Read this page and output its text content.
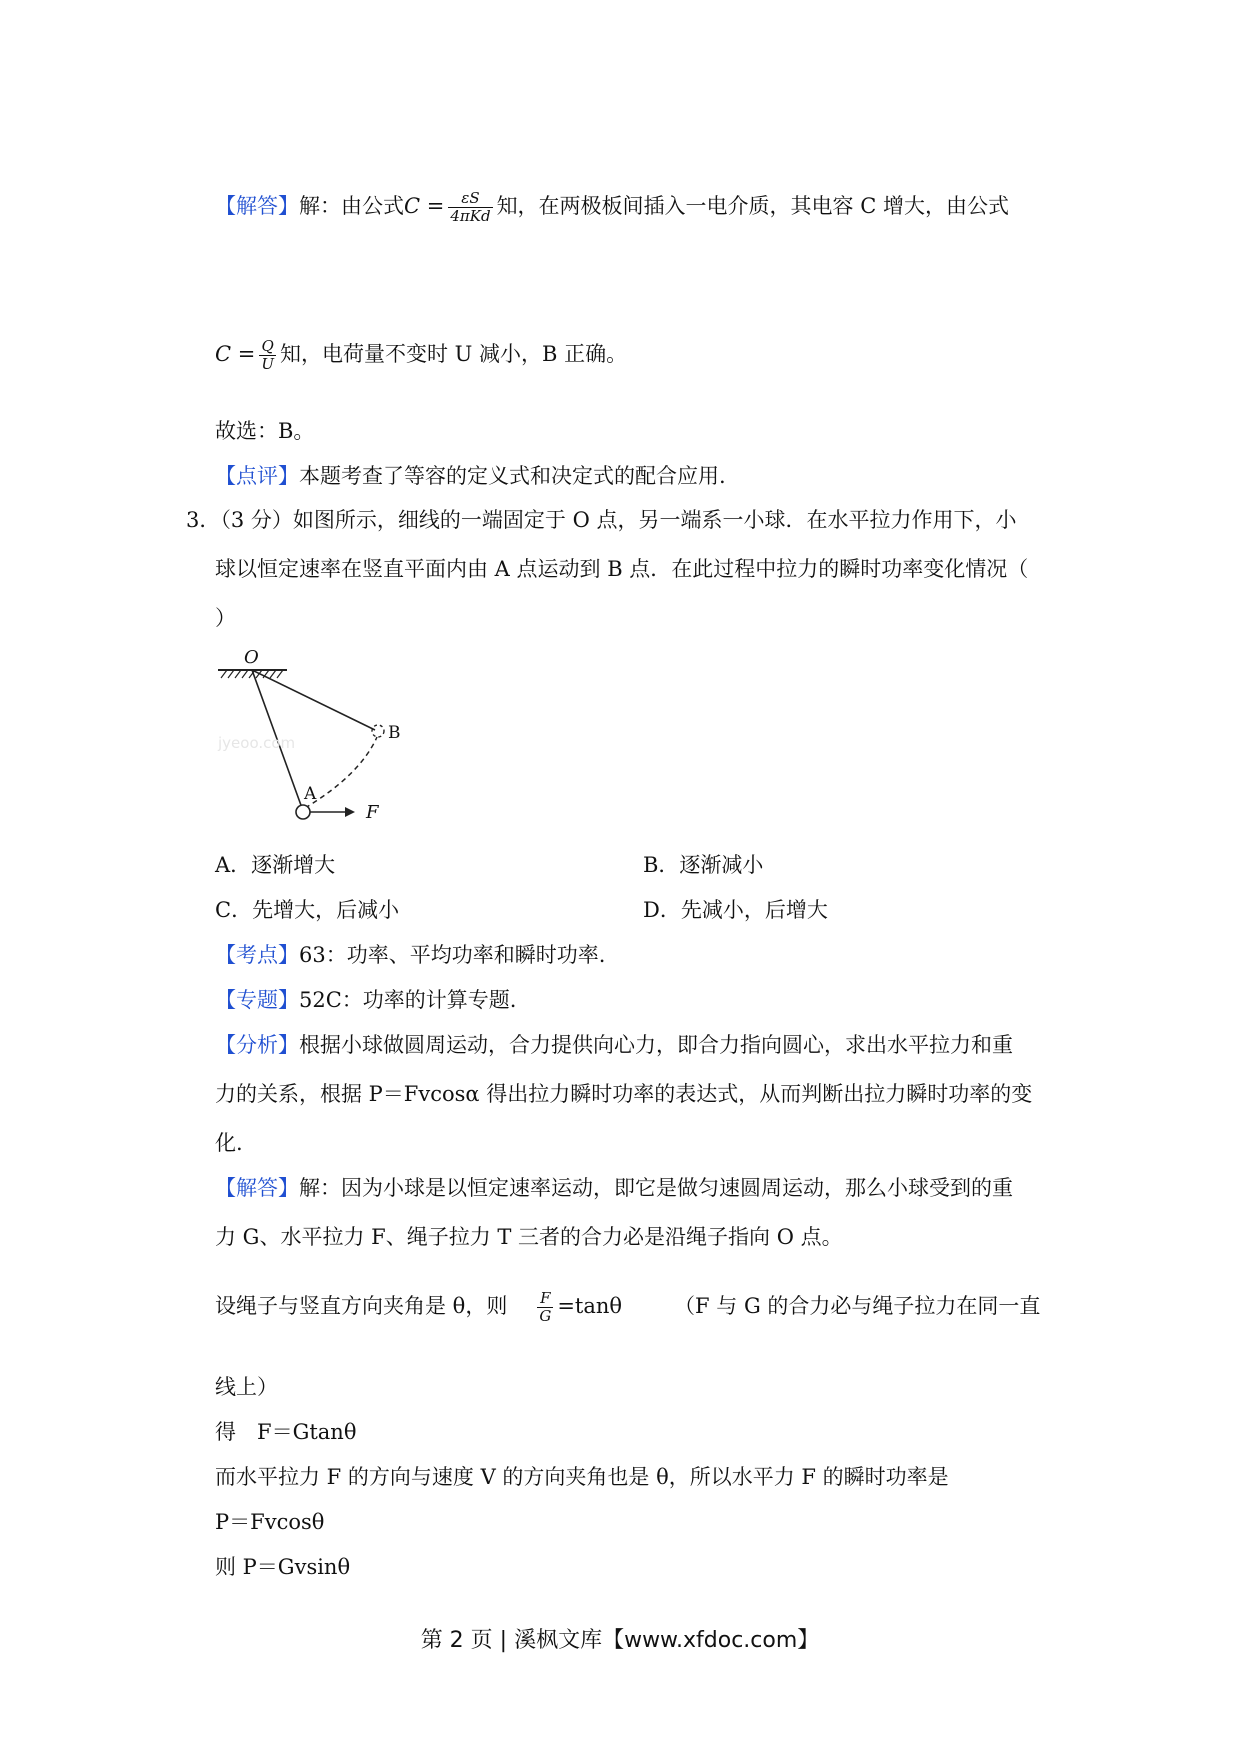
【解答】解：由公式$C = \frac{\varepsilon S}{\text{4πKd}}$ 知，在两极板间插入一电介质，其电容 C 增大，由公式
$C = \frac{Q}{U}$ 知，电荷量不变时 U 减小，B 正确。
故选：B。
【点评】本题考查了等容的定义式和决定式的配合应用.
3．（3 分）如图所示，细线的一端固定于 O 点，另一端系一小球．在水平拉力作用下，小
球以恒定速率在竖直平面内由 A 点运动到 B 点．在此过程中拉力的瞬时功率变化情况（
）
O
A
B
F
jyeoo.com
A．逐渐增大	B．逐渐减小
C．先增大，后减小	D．先减小，后增大
【考点】63：功率、平均功率和瞬时功率.
【专题】52C：功率的计算专题.
【分析】根据小球做圆周运动，合力提供向心力，即合力指向圆心，求出水平拉力和重
力的关系，根据 P＝Fvcosα 得出拉力瞬时功率的表达式，从而判断出拉力瞬时功率的变
化.
【解答】解：因为小球是以恒定速率运动，即它是做匀速圆周运动，那么小球受到的重
力 G、水平拉力 F、绳子拉力 T 三者的合力必是沿绳子指向 O 点。
设绳子与竖直方向夹角是 θ，则 $\frac{F}{G} =\tan\theta$ （F 与 G 的合力必与绳子拉力在同一直
线上）
得　F＝Gtanθ
而水平拉力 F 的方向与速度 V 的方向夹角也是 θ，所以水平力 F 的瞬时功率是
P＝Fvcosθ
则 P＝Gvsinθ
第 2 页 | 溪枫文库【www.xfdoc.com】
